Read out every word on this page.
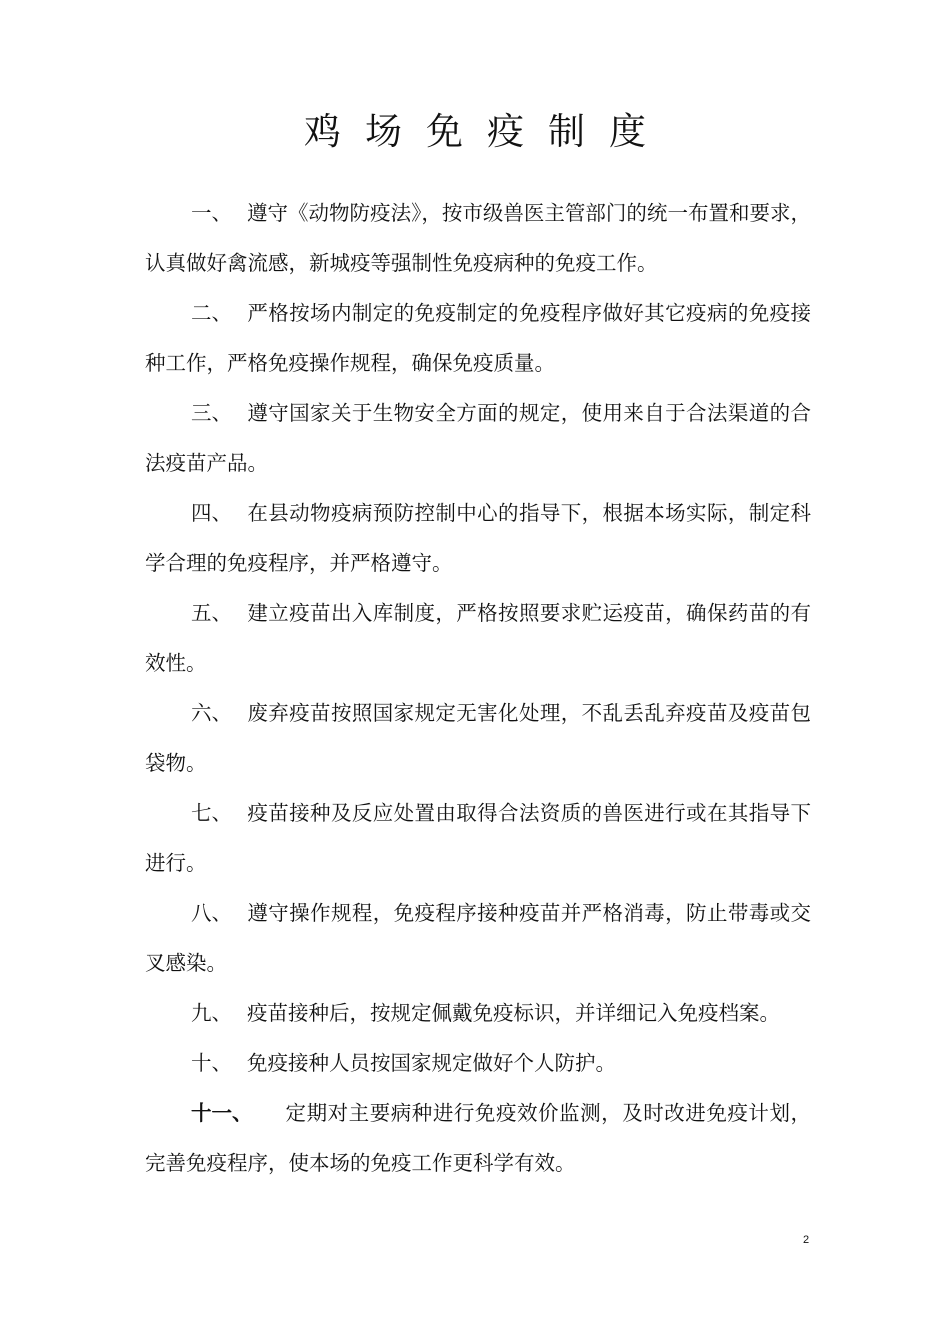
鸡场免疫制度

一、 遵守《动物防疫法》，按市级兽医主管部门的统一布置和要求，认真做好禽流感，新城疫等强制性免疫病种的免疫工作。

二、 严格按场内制定的免疫制定的免疫程序做好其它疫病的免疫接种工作，严格免疫操作规程，确保免疫质量。

三、 遵守国家关于生物安全方面的规定，使用来自于合法渠道的合法疫苗产品。

四、 在县动物疫病预防控制中心的指导下，根据本场实际，制定科学合理的免疫程序，并严格遵守。

五、 建立疫苗出入库制度，严格按照要求贮运疫苗，确保药苗的有效性。

六、 废弃疫苗按照国家规定无害化处理，不乱丢乱弃疫苗及疫苗包袋物。

七、 疫苗接种及反应处置由取得合法资质的兽医进行或在其指导下进行。

八、 遵守操作规程，免疫程序接种疫苗并严格消毒，防止带毒或交叉感染。

九、 疫苗接种后，按规定佩戴免疫标识，并详细记入免疫档案。

十、 免疫接种人员按国家规定做好个人防护。

十一、 定期对主要病种进行免疫效价监测，及时改进免疫计划，完善免疫程序，使本场的免疫工作更科学有效。

2
